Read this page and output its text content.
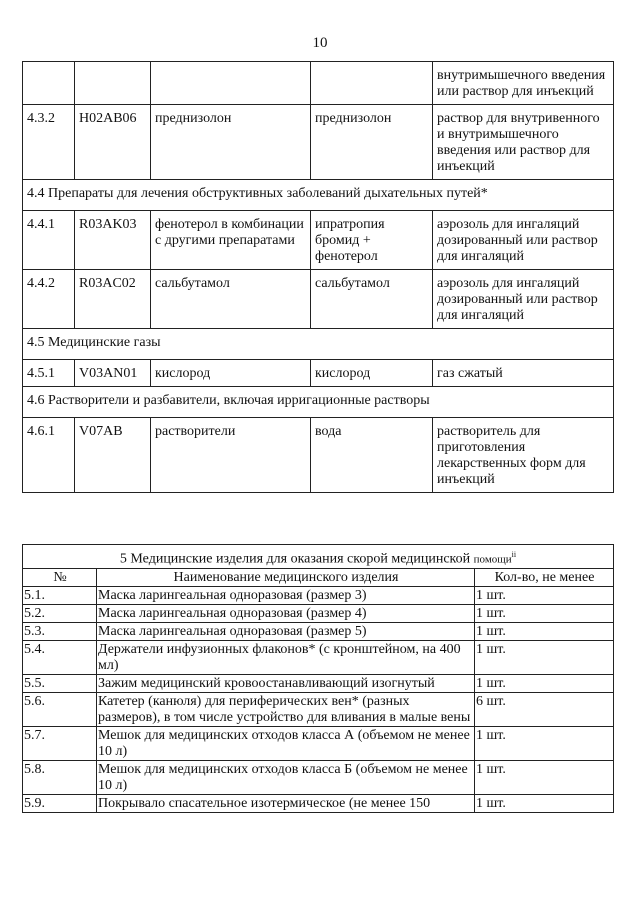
10
				внутримышечного введения или раствор для инъекций
4.3.2	H02AB06	преднизолон	преднизолон	раствор для внутривенного и внутримышечного введения или раствор для инъекций
4.4 Препараты для лечения обструктивных заболеваний дыхательных путей*				
4.4.1	R03AK03	фенотерол в комбинации с другими препаратами	ипратропия бромид + фенотерол	аэрозоль для ингаляций дозированный или раствор для ингаляций
4.4.2	R03AC02	сальбутамол	сальбутамол	аэрозоль для ингаляций дозированный или раствор для ингаляций
4.5 Медицинские газы				
4.5.1	V03AN01	кислород	кислород	газ сжатый
4.6 Растворители и разбавители, включая ирригационные растворы				
4.6.1	V07AB	растворители	вода	растворитель для приготовления лекарственных форм для инъекций
5 Медицинские изделия для оказания скорой медицинской помощи$^{ii}$
№	Наименование медицинского изделия	Кол-во, не менее
5.1.	Маска ларингеальная одноразовая (размер 3)	1 шт.
5.2.	Маска ларингеальная одноразовая (размер 4)	1 шт.
5.3.	Маска ларингеальная одноразовая (размер 5)	1 шт.
5.4.	Держатели инфузионных флаконов* (с кронштейном, на 400 мл)	1 шт.
5.5.	Зажим медицинский кровоостанавливающий изогнутый	1 шт.
5.6.	Катетер (канюля) для периферических вен* (разных размеров), в том числе устройство для вливания в малые вены	6 шт.
5.7.	Мешок для медицинских отходов класса А (объемом не менее 10 л)	1 шт.
5.8.	Мешок для медицинских отходов класса Б (объемом не менее 10 л)	1 шт.
5.9.	Покрывало спасательное изотермическое (не менее 150	1 шт.
